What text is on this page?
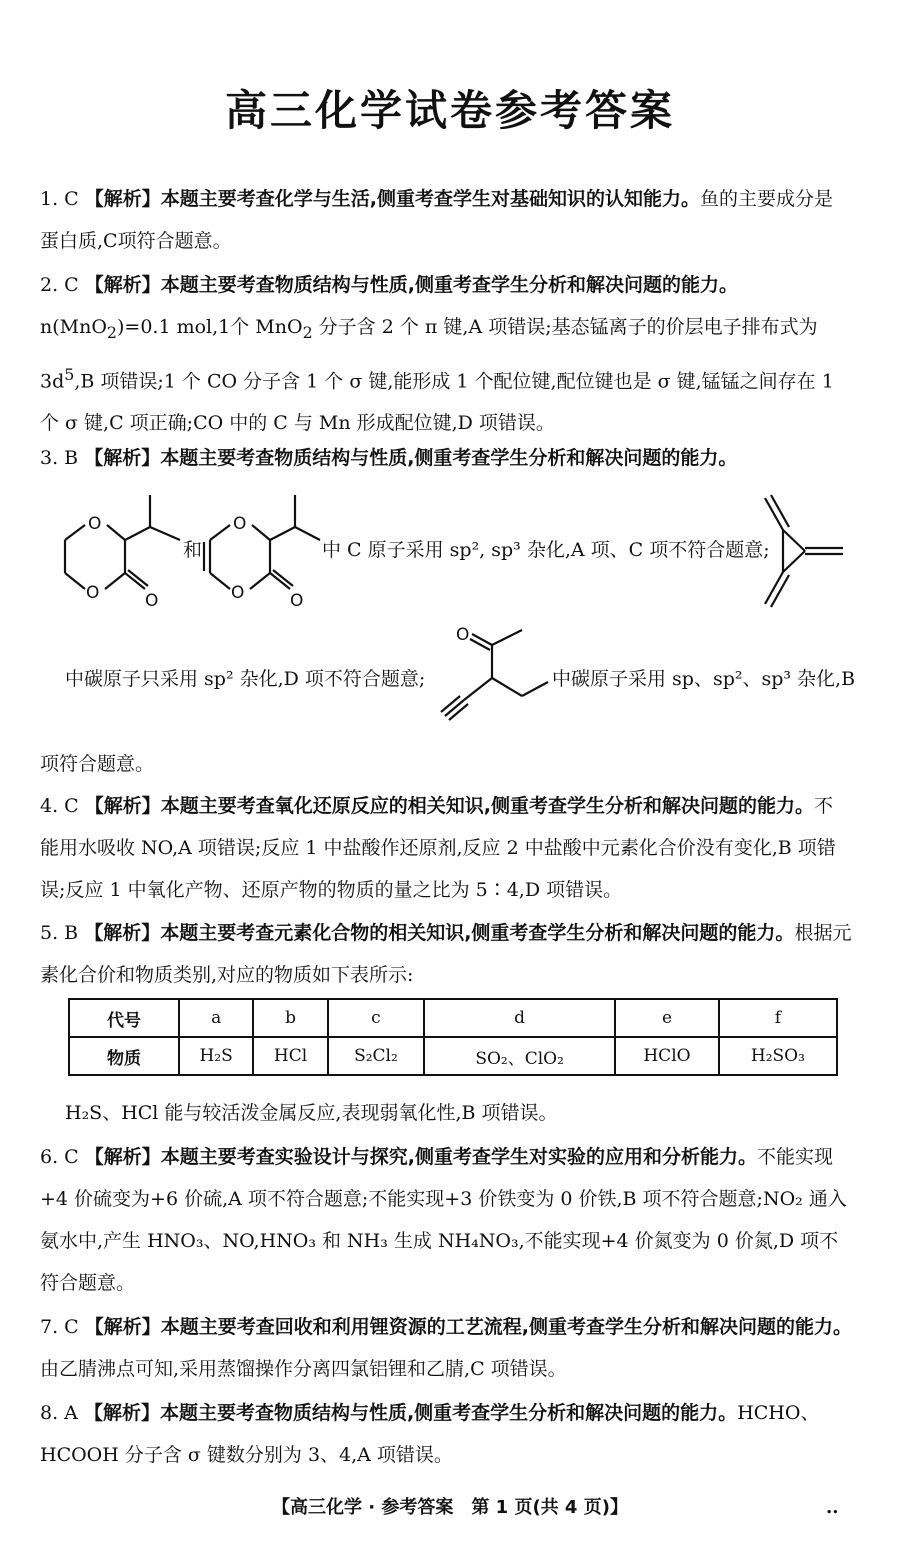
高三化学试卷参考答案
1. C 【解析】本题主要考查化学与生活,侧重考查学生对基础知识的认知能力。鱼的主要成分是蛋白质,C项符合题意。
2. C 【解析】本题主要考查物质结构与性质,侧重考查学生分析和解决问题的能力。n(MnO$_2$)=0.1 mol,1个 MnO$_2$ 分子含 2 个 π 键,A 项错误;基态锰离子的价层电子排布式为 $3d^5,B$ 项错误;1 个 CO 分子含 1 个 σ 键,能形成 1 个配位键,配位键也是 σ 键,锰锰之间存在 1 个 σ 键,C 项正确;CO 中的 C 与 Mn 形成配位键,D 项错误。
3. B 【解析】本题主要考查物质结构与性质,侧重考查学生分析和解决问题的能力。
O
O	O
和
O
O	O
中 C 原子采用 sp², sp³ 杂化,A 项、C 项不符合题意;
中碳原子只采用 sp² 杂化,D 项不符合题意;
O
中碳原子采用 sp、sp²、sp³ 杂化,B
项符合题意。
4. C 【解析】本题主要考查氧化还原反应的相关知识,侧重考查学生分析和解决问题的能力。不能用水吸收 NO,A 项错误;反应 1 中盐酸作还原剂,反应 2 中盐酸中元素化合价没有变化,B 项错误;反应 1 中氧化产物、还原产物的物质的量之比为 5∶4,D 项错误。
5. B 【解析】本题主要考查元素化合物的相关知识,侧重考查学生分析和解决问题的能力。根据元素化合价和物质类别,对应的物质如下表所示:
代号	a	b	c	d	e	f
物质	H₂S	HCl	S₂Cl₂	SO₂、ClO₂	HClO	H₂SO₃
H₂S、HCl 能与较活泼金属反应,表现弱氧化性,B 项错误。
6. C 【解析】本题主要考查实验设计与探究,侧重考查学生对实验的应用和分析能力。不能实现+4 价硫变为+6 价硫,A 项不符合题意;不能实现+3 价铁变为 0 价铁,B 项不符合题意;NO₂ 通入氨水中,产生 HNO₃、NO,HNO₃ 和 NH₃ 生成 NH₄NO₃,不能实现+4 价氮变为 0 价氮,D 项不符合题意。
7. C 【解析】本题主要考查回收和利用锂资源的工艺流程,侧重考查学生分析和解决问题的能力。由乙腈沸点可知,采用蒸馏操作分离四氯铝锂和乙腈,C 项错误。
8. A 【解析】本题主要考查物质结构与性质,侧重考查学生分析和解决问题的能力。HCHO、HCOOH 分子含 σ 键数分别为 3、4,A 项错误。
【高三化学 · 参考答案　第 1 页(共 4 页)】	..
